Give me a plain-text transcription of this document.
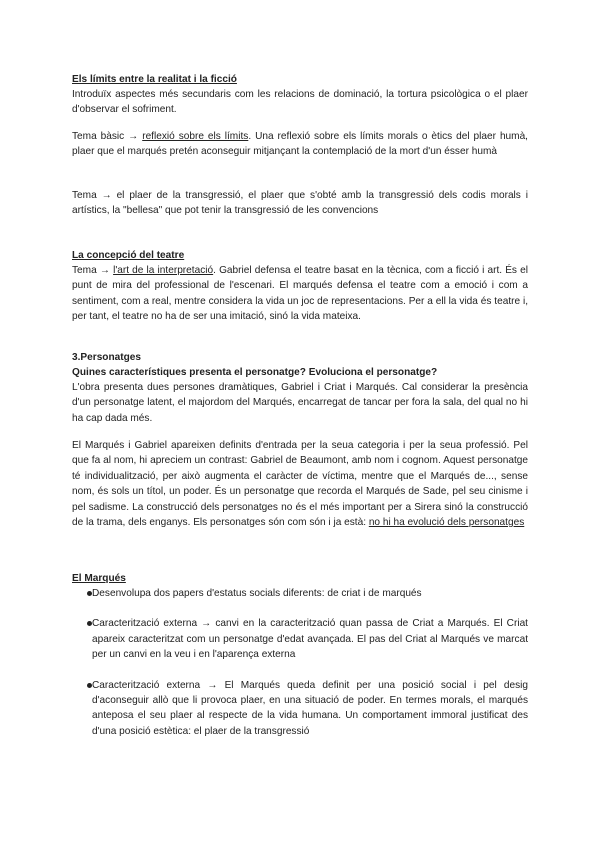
Els límits entre la realitat i la ficció
Introduïx aspectes més secundaris com les relacions de dominació, la tortura psicològica o el plaer d'observar el sofriment.
Tema bàsic → reflexió sobre els límits. Una reflexió sobre els límits morals o ètics del plaer humà, plaer que el marqués pretén aconseguir mitjançant la contemplació de la mort d'un ésser humà
Tema → el plaer de la transgressió, el plaer que s'obté amb la transgressió dels codis morals i artístics, la "bellesa" que pot tenir la transgressió de les convencions
La concepció del teatre
Tema → l'art de la interpretació. Gabriel defensa el teatre basat en la tècnica, com a ficció i art. És el punt de mira del professional de l'escenari. El marqués defensa el teatre com a emoció i com a sentiment, com a real, mentre considera la vida un joc de representacions. Per a ell la vida és teatre i, per tant, el teatre no ha de ser una imitació, sinó la vida mateixa.
3.Personatges
Quines característiques presenta el personatge? Evoluciona el personatge?
L'obra presenta dues persones dramàtiques, Gabriel i Criat i Marqués. Cal considerar la presència d'un personatge latent, el majordom del Marqués, encarregat de tancar per fora la sala, del qual no hi ha cap dada més.
El Marqués i Gabriel apareixen definits d'entrada per la seua categoria i per la seua professió. Pel que fa al nom, hi apreciem un contrast: Gabriel de Beaumont, amb nom i cognom. Aquest personatge té individualització, per això augmenta el caràcter de víctima, mentre que el Marqués de..., sense nom, és sols un títol, un poder. És un personatge que recorda el Marqués de Sade, pel seu cinisme i pel sadisme. La construcció dels personatges no és el més important per a Sirera sinó la construcció de la trama, dels enganys. Els personatges són com són i ja està: no hi ha evolució dels personatges
El Marqués
Desenvolupa dos papers d'estatus socials diferents: de criat i de marqués
Caracterització externa → canvi en la caracterització quan passa de Criat a Marqués. El Criat apareix caracteritzat com un personatge d'edat avançada. El pas del Criat al Marqués ve marcat per un canvi en la veu i en l'aparença externa
Caracterització externa → El Marqués queda definit per una posició social i pel desig d'aconseguir allò que li provoca plaer, en una situació de poder. En termes morals, el marqués anteposa el seu plaer al respecte de la vida humana. Un comportament immoral justificat des d'una posició estètica: el plaer de la transgressió
